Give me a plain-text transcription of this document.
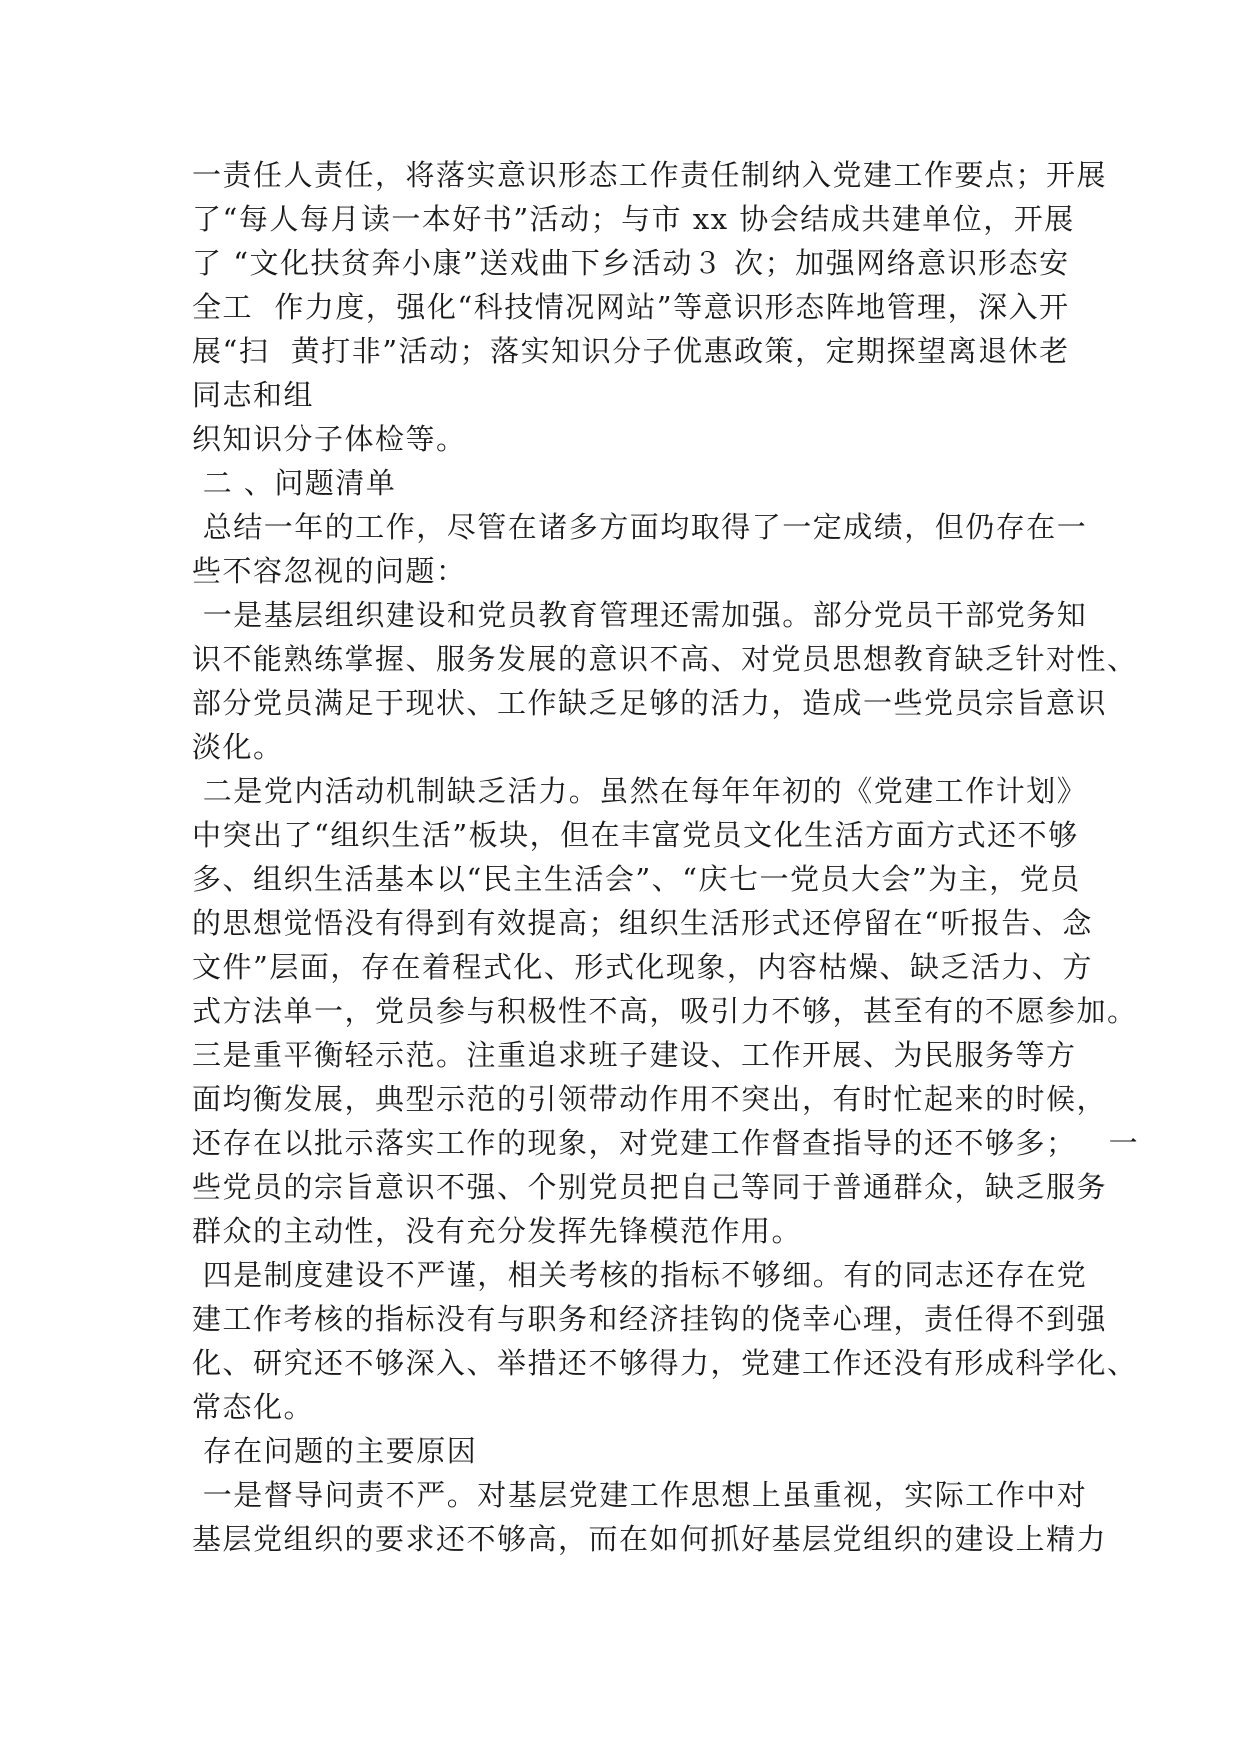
一责任人责任，将落实意识形态工作责任制纳入党建工作要点；开展
了“每人每月读一本好书”活动；与市 xx 协会结成共建单位，开展
了 “文化扶贫奔小康”送戏曲下乡活动３ 次；加强网络意识形态安
全工  作力度，强化“科技情况网站”等意识形态阵地管理，深入开
展“扫  黄打非”活动；落实知识分子优惠政策，定期探望离退休老
同志和组
织知识分子体检等。
二 、问题清单
总结一年的工作，尽管在诸多方面均取得了一定成绩，但仍存在一
些不容忽视的问题：
一是基层组织建设和党员教育管理还需加强。部分党员干部党务知
识不能熟练掌握、服务发展的意识不高、对党员思想教育缺乏针对性、
部分党员满足于现状、工作缺乏足够的活力，造成一些党员宗旨意识
淡化。
二是党内活动机制缺乏活力。虽然在每年年初的《党建工作计划》
中突出了“组织生活”板块，但在丰富党员文化生活方面方式还不够
多、组织生活基本以“民主生活会”、“庆七一党员大会”为主，党员
的思想觉悟没有得到有效提高；组织生活形式还停留在“听报告、念
文件”层面，存在着程式化、形式化现象，内容枯燥、缺乏活力、方
式方法单一，党员参与积极性不高，吸引力不够，甚至有的不愿参加。
三是重平衡轻示范。注重追求班子建设、工作开展、为民服务等方
面均衡发展，典型示范的引领带动作用不突出，有时忙起来的时候，
还存在以批示落实工作的现象，对党建工作督查指导的还不够多；   一
些党员的宗旨意识不强、个别党员把自己等同于普通群众，缺乏服务
群众的主动性，没有充分发挥先锋模范作用。
四是制度建设不严谨，相关考核的指标不够细。有的同志还存在党
建工作考核的指标没有与职务和经济挂钩的侥幸心理，责任得不到强
化、研究还不够深入、举措还不够得力，党建工作还没有形成科学化、
常态化。
存在问题的主要原因
一是督导问责不严。对基层党建工作思想上虽重视，实际工作中对
基层党组织的要求还不够高，而在如何抓好基层党组织的建设上精力
